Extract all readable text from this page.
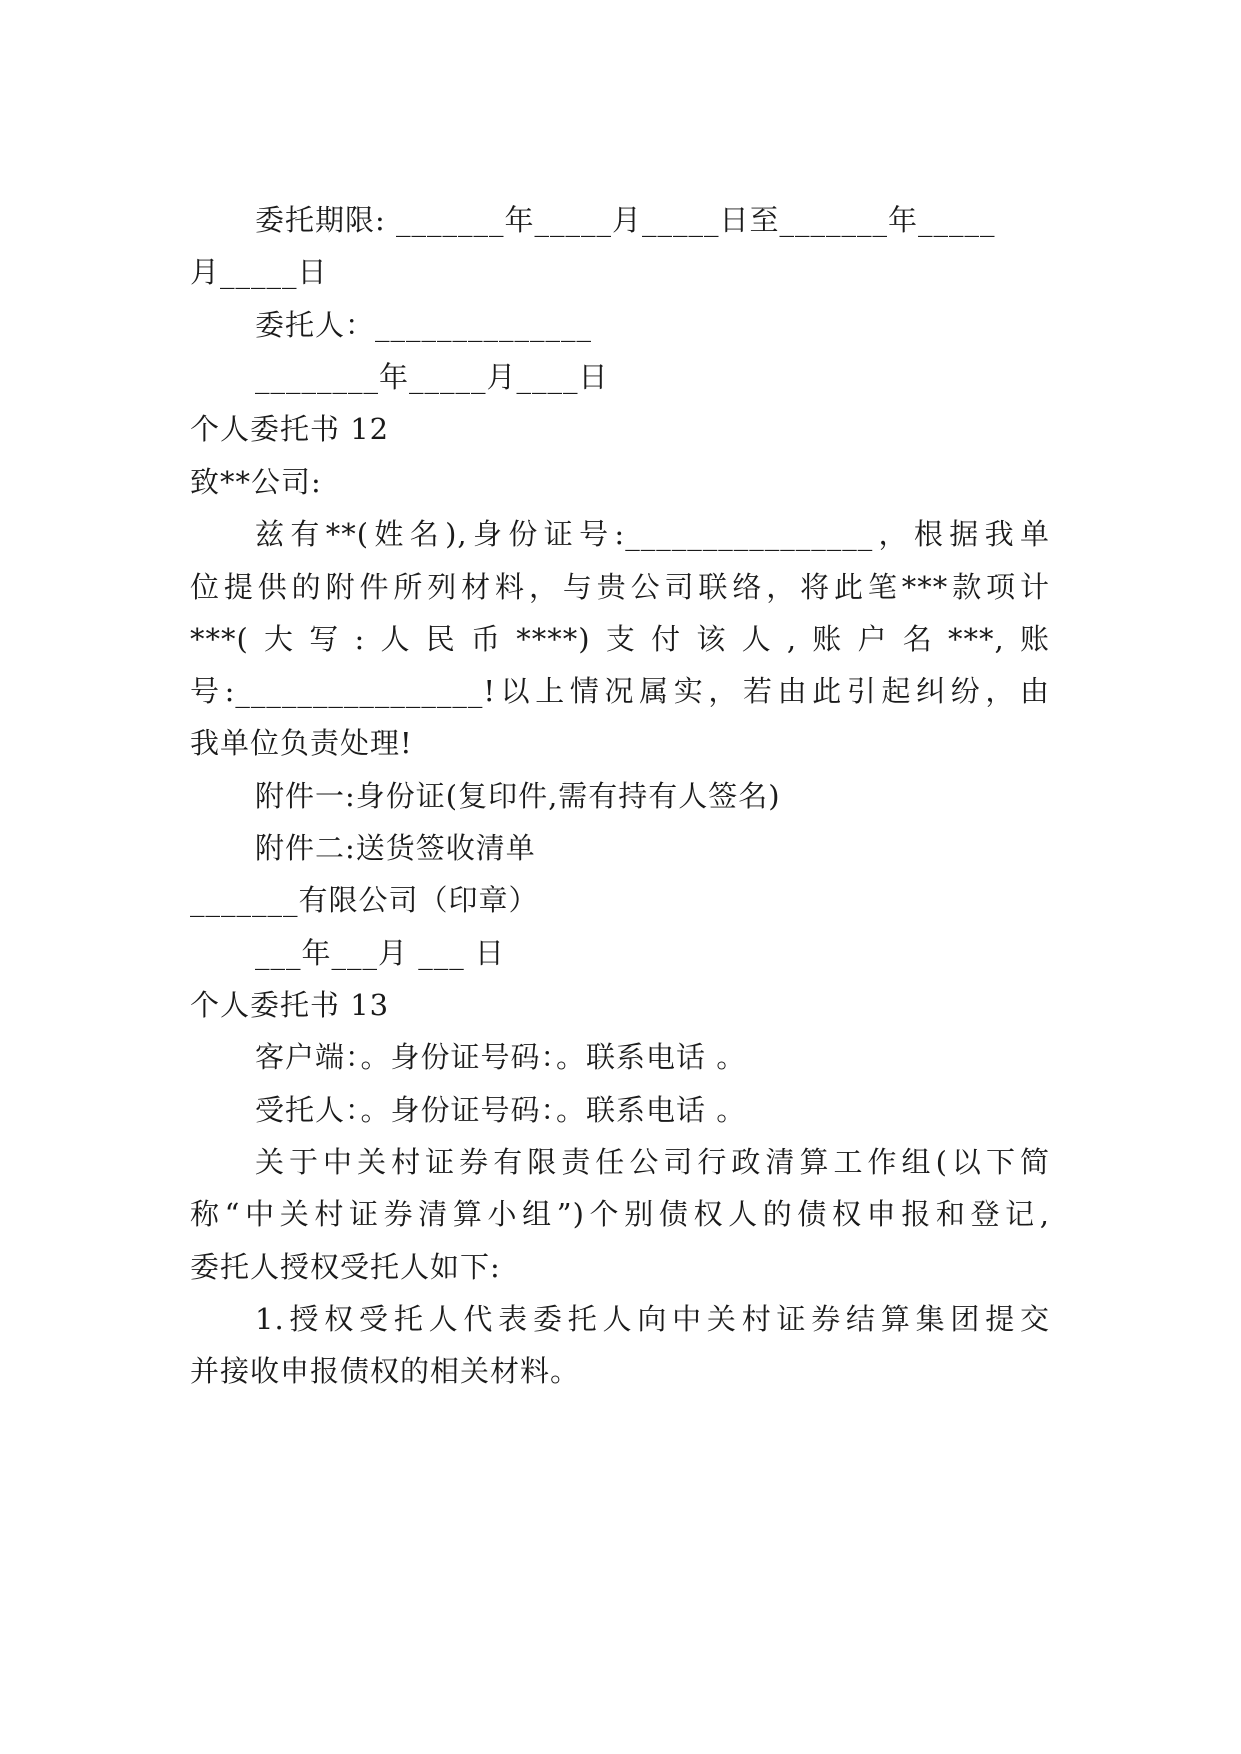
委托期限: _______年_____月_____日至_______年_____
月_____日
委托人：______________
________年_____月____日
个人委托书 12
致**公司:
兹有**(姓名),身份证号:________________，根据我单
位提供的附件所列材料，与贵公司联络，将此笔***款项计
***(大写:人民币****)支付该人,账户名***,账
号:________________!以上情况属实，若由此引起纠纷，由
我单位负责处理!
附件一:身份证(复印件,需有持有人签名)
附件二:送货签收清单
_______有限公司（印章）
___年___月 ___ 日
个人委托书 13
客户端：。身份证号码：。联系电话 。
受托人：。身份证号码：。联系电话 。
关于中关村证券有限责任公司行政清算工作组(以下简
称“中关村证券清算小组”)个别债权人的债权申报和登记,
委托人授权受托人如下:
1.授权受托人代表委托人向中关村证券结算集团提交
并接收申报债权的相关材料。
